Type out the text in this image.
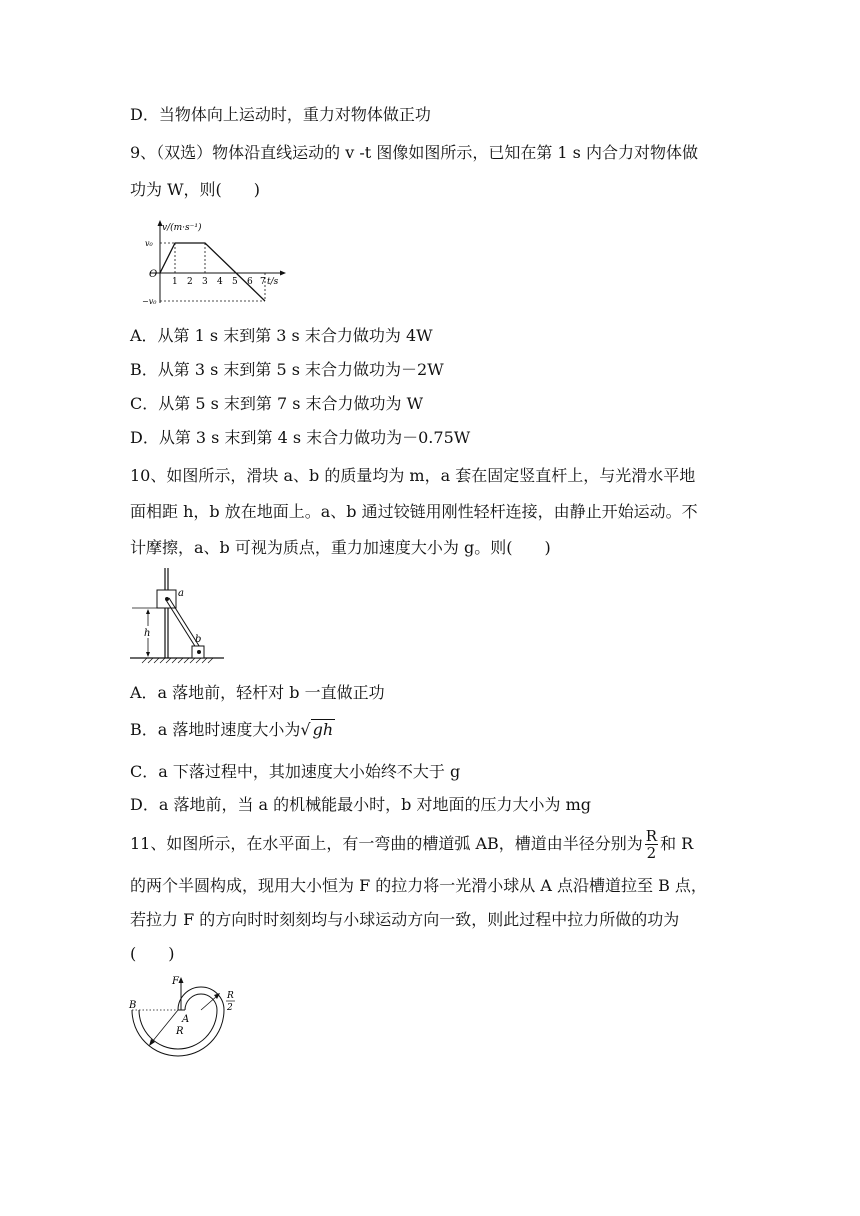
D．当物体向上运动时，重力对物体做正功
9、（双选）物体沿直线运动的 v -t 图像如图所示，已知在第 1 s 内合力对物体做
功为 W，则(　　)
v/(m·s⁻¹)
v₀
O
−v₀
1 2 3 4 5 6 7 t/s
A．从第 1 s 末到第 3 s 末合力做功为 4W
B．从第 3 s 末到第 5 s 末合力做功为－2W
C．从第 5 s 末到第 7 s 末合力做功为 W
D．从第 3 s 末到第 4 s 末合力做功为－0.75W
10、如图所示，滑块 a、b 的质量均为 m，a 套在固定竖直杆上，与光滑水平地
面相距 h，b 放在地面上。a、b 通过铰链用刚性轻杆连接，由静止开始运动。不
计摩擦，a、b 可视为质点，重力加速度大小为 g。则(　　)
h
a
b
A．a 落地前，轻杆对 b 一直做正功
B．a 落地时速度大小为√ gh
C．a 下落过程中，其加速度大小始终不大于 g
D．a 落地前，当 a 的机械能最小时，b 对地面的压力大小为 mg
11、如图所示，在水平面上，有一弯曲的槽道弧 AB，槽道由半径分别为 $\frac{R}{2}$ 和 R
的两个半圆构成，现用大小恒为 F 的拉力将一光滑小球从 A 点沿槽道拉至 B 点，
若拉力 F 的方向时时刻刻均与小球运动方向一致，则此过程中拉力所做的功为
(　　)
F
B
A
R
R
2
